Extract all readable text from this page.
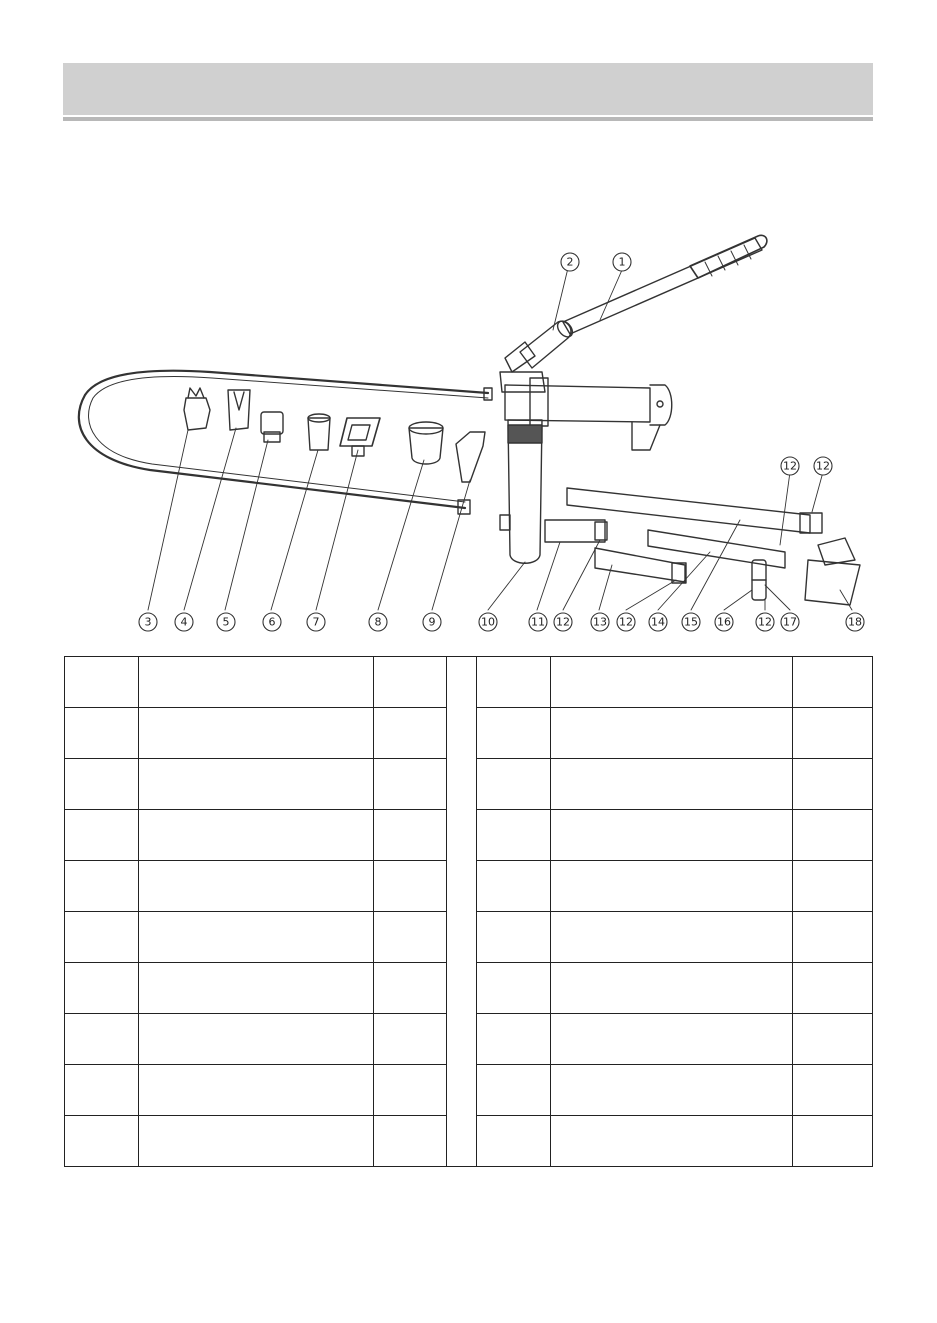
1
2
3	4	5	6	7	8	9	10	11 12 13 12 14 15 16 12 17	18
12 12
